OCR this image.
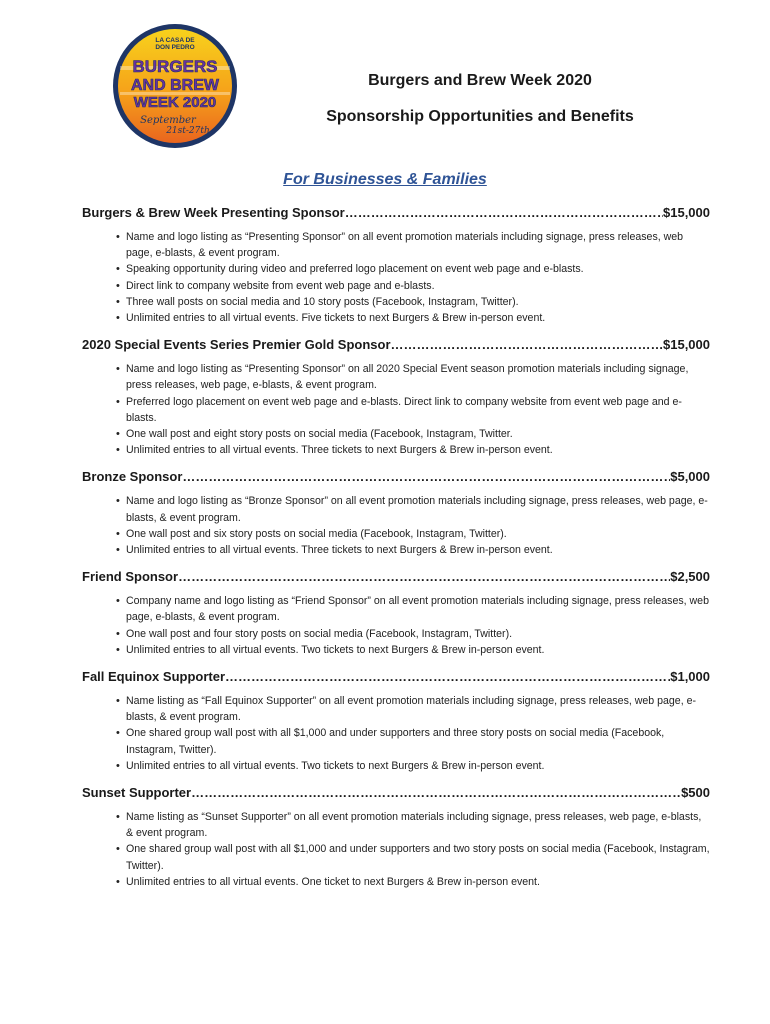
LA CASA DE
DON PEDRO
BURGERS
AND BREW
WEEK 2020
September
21st-27th

Burgers and Brew Week 2020

Sponsorship Opportunities and Benefits

For Businesses & Families
Burgers & Brew Week Presenting Sponsor ……………………………………………………………………………………………………………………………………………	$15,000
• Name and logo listing as “Presenting Sponsor” on all event promotion materials including signage, press releases, web page, e-blasts, & event program.
• Speaking opportunity during video and preferred logo placement on event web page and e-blasts.
• Direct link to company website from event web page and e-blasts.
• Three wall posts on social media and 10 story posts (Facebook, Instagram, Twitter).
• Unlimited entries to all virtual events. Five tickets to next Burgers & Brew in-person event.
2020 Special Events Series Premier Gold Sponsor ……………………………………………………………………………………………………………………………………………	$15,000
• Name and logo listing as “Presenting Sponsor” on all 2020 Special Event season promotion materials including signage, press releases, web page, e-blasts, & event program.
• Preferred logo placement on event web page and e-blasts. Direct link to company website from event web page and e-blasts.
• One wall post and eight story posts on social media (Facebook, Instagram, Twitter.
• Unlimited entries to all virtual events. Three tickets to next Burgers & Brew in-person event.
Bronze Sponsor ……………………………………………………………………………………………………………………………………………	$5,000
• Name and logo listing as “Bronze Sponsor” on all event promotion materials including signage, press releases, web page, e-blasts, & event program.
• One wall post and six story posts on social media (Facebook, Instagram, Twitter).
• Unlimited entries to all virtual events. Three tickets to next Burgers & Brew in-person event.
Friend Sponsor ……………………………………………………………………………………………………………………………………………	$2,500
• Company name and logo listing as “Friend Sponsor” on all event promotion materials including signage, press releases, web page, e-blasts, & event program.
• One wall post and four story posts on social media (Facebook, Instagram, Twitter).
• Unlimited entries to all virtual events. Two tickets to next Burgers & Brew in-person event.
Fall Equinox Supporter ……………………………………………………………………………………………………………………………………………	$1,000
• Name listing as “Fall Equinox Supporter” on all event promotion materials including signage, press releases, web page, e-blasts, & event program.
• One shared group wall post with all $1,000 and under supporters and three story posts on social media (Facebook, Instagram, Twitter).
• Unlimited entries to all virtual events. Two tickets to next Burgers & Brew in-person event.
Sunset Supporter ……………………………………………………………………………………………………………………………………………	$500
• Name listing as “Sunset Supporter” on all event promotion materials including signage, press releases, web page, e-blasts, & event program.
• One shared group wall post with all $1,000 and under supporters and two story posts on social media (Facebook, Instagram, Twitter).
• Unlimited entries to all virtual events. One ticket to next Burgers & Brew in-person event.
